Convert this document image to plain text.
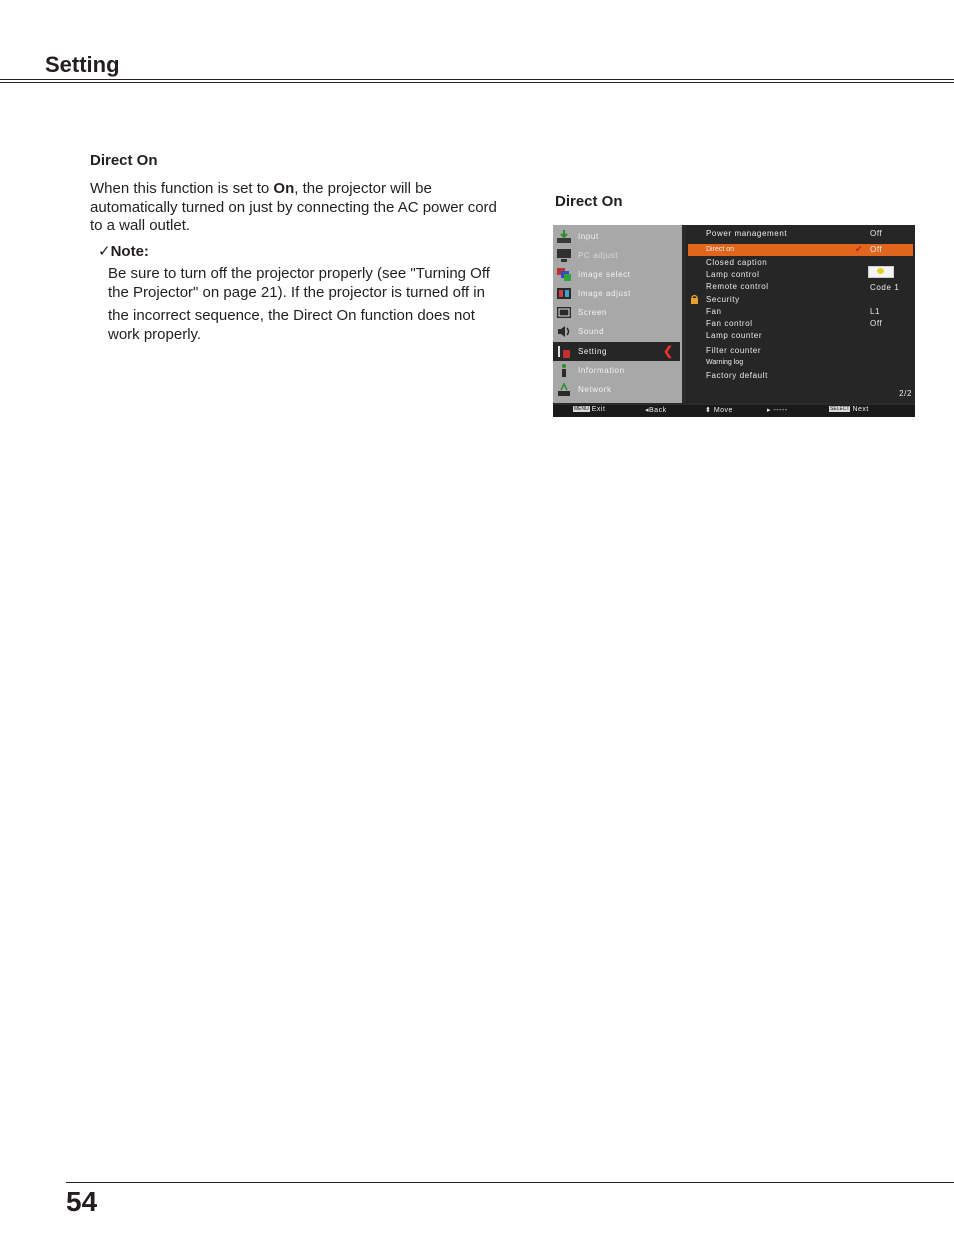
Setting
Direct On

When this function is set to On, the projector will be automatically turned on just by connecting the AC power cord to a wall outlet.

✓Note:

Be sure to turn off the projector properly (see "Turning Off the Projector" on page 21). If the projector is turned off in

the incorrect sequence, the Direct On function does not work properly.

Direct On

Input
PC adjust
Image select
Image adjust
Screen
Sound
Setting	❮
Information
Network
Power management	Off
Direct on	✔ Off
Closed caption
Lamp control
Remote control	Code 1
Security
Fan	L1
Fan control	Off
Lamp counter
Filter counter
Warning log
Factory default
2/2
MENU Exit	◂Back	⬍ Move	▸ -----	SELECT Next

54
